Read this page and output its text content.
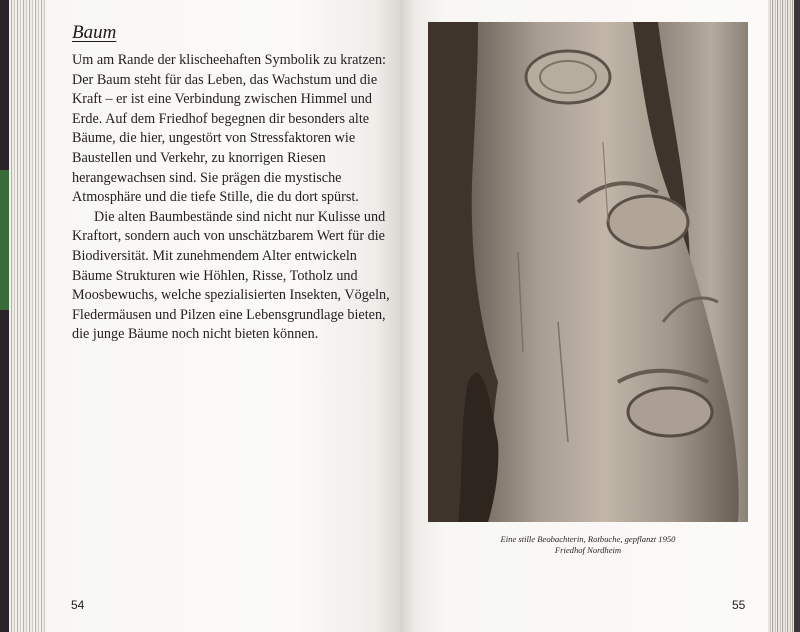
Baum

Um am Rande der klischeehaften Symbolik zu kratzen: Der Baum steht für das Leben, das Wachstum und die Kraft – er ist eine Verbindung zwischen Himmel und Erde. Auf dem Friedhof begegnen dir besonders alte Bäume, die hier, ungestört von Stressfaktoren wie Baustellen und Verkehr, zu knorrigen Riesen herangewachsen sind. Sie prägen die mystische Atmosphäre und die tiefe Stille, die du dort spürst.

Die alten Baumbestände sind nicht nur Kulisse und Kraftort, sondern auch von unschätzbarem Wert für die Biodiversität. Mit zunehmendem Alter entwickeln Bäume Strukturen wie Höhlen, Risse, Totholz und Moosbewuchs, welche spezialisierten Insekten, Vögeln, Fledermäusen und Pilzen eine Lebensgrundlage bieten, die junge Bäume noch nicht bieten können.

54
Eine stille Beobachterin, Rotbuche, gepflanzt 1950
Friedhof Nordheim
55
